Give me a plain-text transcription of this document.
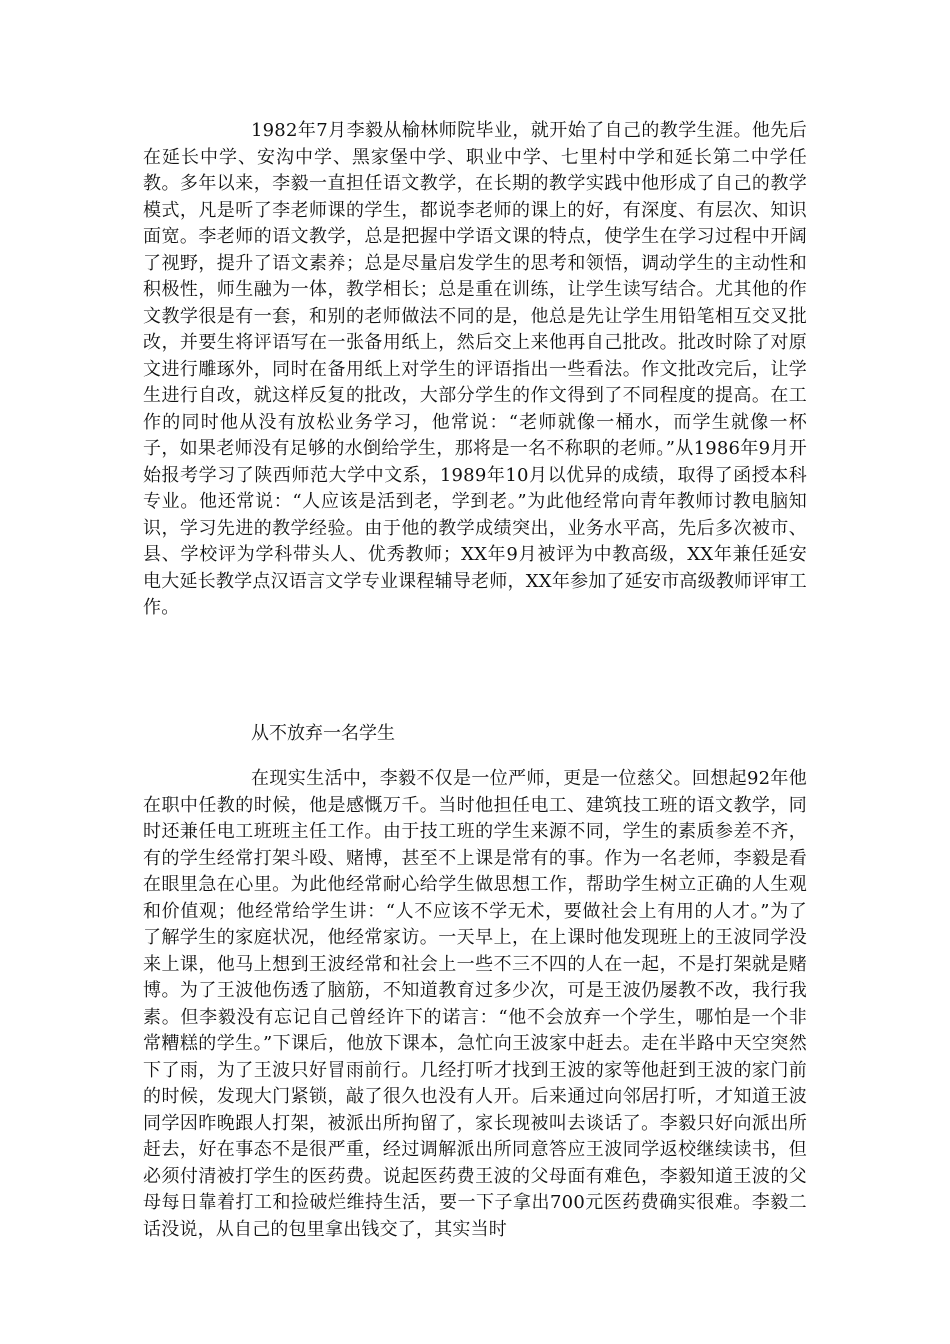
1982年7月李毅从榆林师院毕业，就开始了自己的教学生涯。他先后在延长中学、安沟中学、黑家堡中学、职业中学、七里村中学和延长第二中学任教。多年以来，李毅一直担任语文教学，在长期的教学实践中他形成了自己的教学模式，凡是听了李老师课的学生，都说李老师的课上的好，有深度、有层次、知识面宽。李老师的语文教学，总是把握中学语文课的特点，使学生在学习过程中开阔了视野，提升了语文素养；总是尽量启发学生的思考和领悟，调动学生的主动性和积极性，师生融为一体，教学相长；总是重在训练，让学生读写结合。尤其他的作文教学很是有一套，和别的老师做法不同的是，他总是先让学生用铅笔相互交叉批改，并要生将评语写在一张备用纸上，然后交上来他再自己批改。批改时除了对原文进行雕琢外，同时在备用纸上对学生的评语指出一些看法。作文批改完后，让学生进行自改，就这样反复的批改，大部分学生的作文得到了不同程度的提高。在工作的同时他从没有放松业务学习，他常说：“老师就像一桶水，而学生就像一杯子，如果老师没有足够的水倒给学生，那将是一名不称职的老师。”从1986年9月开始报考学习了陕西师范大学中文系，1989年10月以优异的成绩，取得了函授本科专业。他还常说：“人应该是活到老，学到老。”为此他经常向青年教师讨教电脑知识，学习先进的教学经验。由于他的教学成绩突出，业务水平高，先后多次被市、县、学校评为学科带头人、优秀教师；XX年9月被评为中教高级，XX年兼任延安电大延长教学点汉语言文学专业课程辅导老师，XX年参加了延安市高级教师评审工作。

从不放弃一名学生

在现实生活中，李毅不仅是一位严师，更是一位慈父。回想起92年他在职中任教的时候，他是感慨万千。当时他担任电工、建筑技工班的语文教学，同时还兼任电工班班主任工作。由于技工班的学生来源不同，学生的素质参差不齐，有的学生经常打架斗殴、赌博，甚至不上课是常有的事。作为一名老师，李毅是看在眼里急在心里。为此他经常耐心给学生做思想工作，帮助学生树立正确的人生观和价值观；他经常给学生讲：“人不应该不学无术，要做社会上有用的人才。”为了了解学生的家庭状况，他经常家访。一天早上，在上课时他发现班上的王波同学没来上课，他马上想到王波经常和社会上一些不三不四的人在一起，不是打架就是赌博。为了王波他伤透了脑筋，不知道教育过多少次，可是王波仍屡教不改，我行我素。但李毅没有忘记自己曾经许下的诺言：“他不会放弃一个学生，哪怕是一个非常糟糕的学生。”下课后，他放下课本，急忙向王波家中赶去。走在半路中天空突然下了雨，为了王波只好冒雨前行。几经打听才找到王波的家等他赶到王波的家门前的时候，发现大门紧锁，敲了很久也没有人开。后来通过向邻居打听，才知道王波同学因昨晚跟人打架，被派出所拘留了，家长现被叫去谈话了。李毅只好向派出所赶去，好在事态不是很严重，经过调解派出所同意答应王波同学返校继续读书，但必须付清被打学生的医药费。说起医药费王波的父母面有难色，李毅知道王波的父母每日靠着打工和捡破烂维持生活，要一下子拿出700元医药费确实很难。李毅二话没说，从自己的包里拿出钱交了，其实当时
